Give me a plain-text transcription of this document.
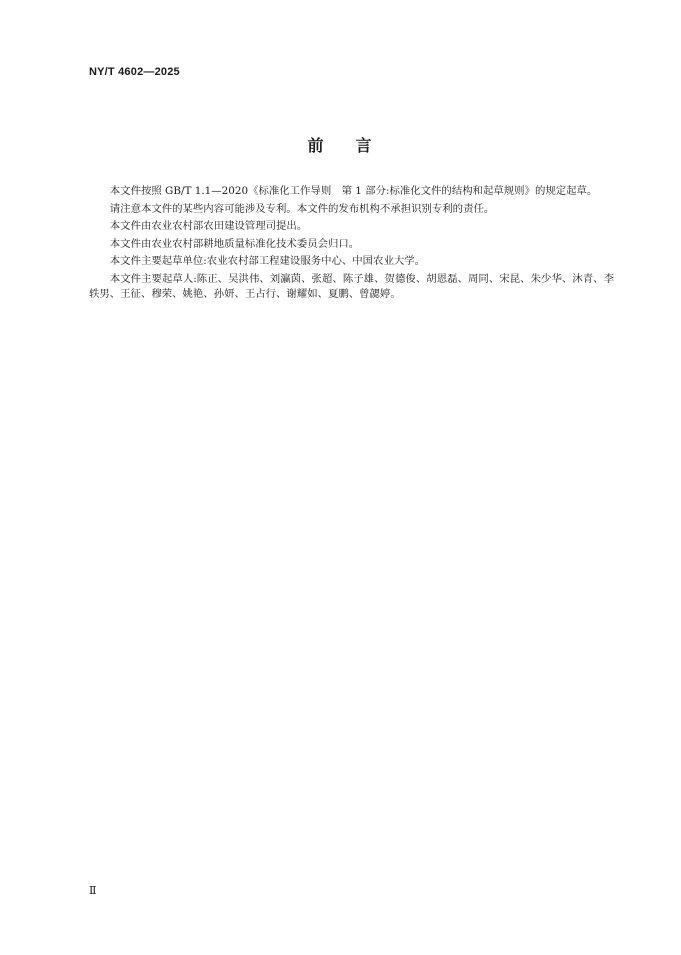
NY/T 4602—2025
前 言

本文件按照 GB/T 1.1—2020《标准化工作导则　第 1 部分:标准化文件的结构和起草规则》的规定起草。

请注意本文件的某些内容可能涉及专利。本文件的发布机构不承担识别专利的责任。

本文件由农业农村部农田建设管理司提出。

本文件由农业农村部耕地质量标准化技术委员会归口。

本文件主要起草单位:农业农村部工程建设服务中心、中国农业大学。

本文件主要起草人:陈正、吴洪伟、刘瀛茵、张超、陈子雄、贺德俊、胡恩磊、周同、宋昆、朱少华、沐青、李轶男、王征、穆荣、姚艳、孙妍、王占行、谢耀如、夏鹏、曾勰婷。

Ⅱ
